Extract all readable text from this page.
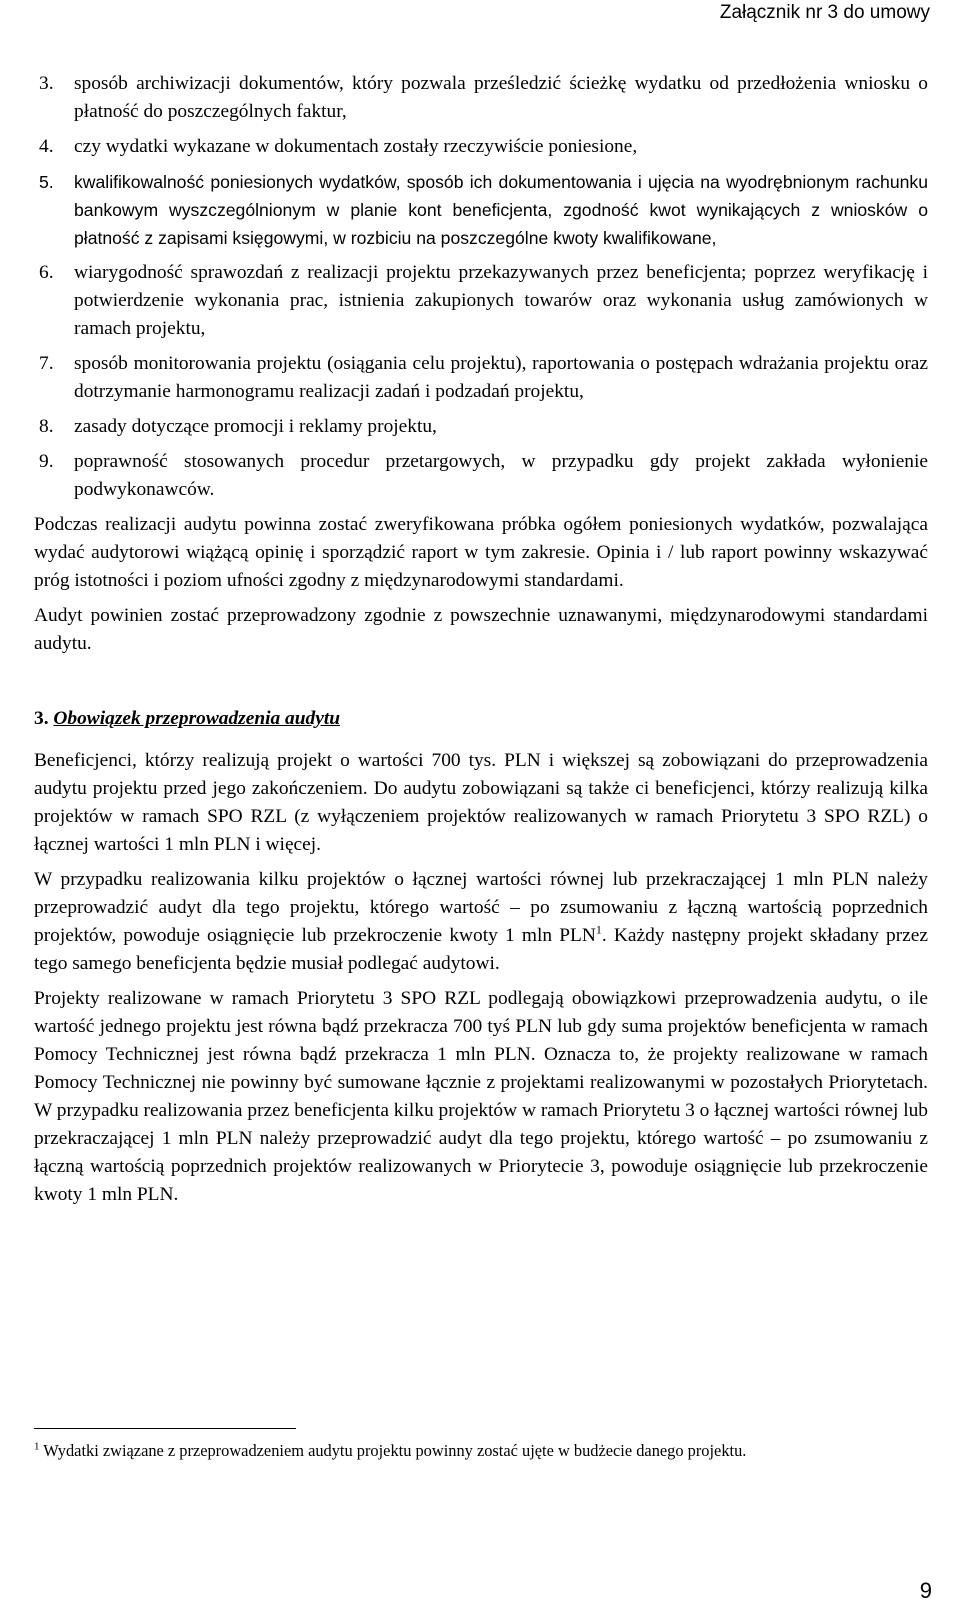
Załącznik nr 3 do umowy
3. sposób archiwizacji dokumentów, który pozwala prześledzić ścieżkę wydatku od przedłożenia wniosku o płatność do poszczególnych faktur,
4. czy wydatki wykazane w dokumentach zostały rzeczywiście poniesione,
5. kwalifikowalność poniesionych wydatków, sposób ich dokumentowania i ujęcia na wyodrębnionym rachunku bankowym wyszczególnionym w planie kont beneficjenta, zgodność kwot wynikających z wniosków o płatność z zapisami księgowymi, w rozbiciu na poszczególne kwoty kwalifikowane,
6. wiarygodność sprawozdań z realizacji projektu przekazywanych przez beneficjenta; poprzez weryfikację i potwierdzenie wykonania prac, istnienia zakupionych towarów oraz wykonania usług zamówionych w ramach projektu,
7. sposób monitorowania projektu (osiągania celu projektu), raportowania o postępach wdrażania projektu oraz dotrzymanie harmonogramu realizacji zadań i podzadań projektu,
8. zasady dotyczące promocji i reklamy projektu,
9. poprawność stosowanych procedur przetargowych, w przypadku gdy projekt zakłada wyłonienie podwykonawców.

Podczas realizacji audytu powinna zostać zweryfikowana próbka ogółem poniesionych wydatków, pozwalająca wydać audytorowi wiążącą opinię i sporządzić raport w tym zakresie. Opinia i / lub raport powinny wskazywać próg istotności i poziom ufności zgodny z międzynarodowymi standardami.

Audyt powinien zostać przeprowadzony zgodnie z powszechnie uznawanymi, międzynarodowymi standardami audytu.

3. Obowiązek przeprowadzenia audytu

Beneficjenci, którzy realizują projekt o wartości 700 tys. PLN i większej są zobowiązani do przeprowadzenia audytu projektu przed jego zakończeniem. Do audytu zobowiązani są także ci beneficjenci, którzy realizują kilka projektów w ramach SPO RZL (z wyłączeniem projektów realizowanych w ramach Priorytetu 3 SPO RZL) o łącznej wartości 1 mln PLN i więcej.

W przypadku realizowania kilku projektów o łącznej wartości równej lub przekraczającej 1 mln PLN należy przeprowadzić audyt dla tego projektu, którego wartość – po zsumowaniu z łączną wartością poprzednich projektów, powoduje osiągnięcie lub przekroczenie kwoty 1 mln PLN$^1$. Każdy następny projekt składany przez tego samego beneficjenta będzie musiał podlegać audytowi.

Projekty realizowane w ramach Priorytetu 3 SPO RZL podlegają obowiązkowi przeprowadzenia audytu, o ile wartość jednego projektu jest równa bądź przekracza 700 tyś PLN lub gdy suma projektów beneficjenta w ramach Pomocy Technicznej jest równa bądź przekracza 1 mln PLN. Oznacza to, że projekty realizowane w ramach Pomocy Technicznej nie powinny być sumowane łącznie z projektami realizowanymi w pozostałych Priorytetach. W przypadku realizowania przez beneficjenta kilku projektów w ramach Priorytetu 3 o łącznej wartości równej lub przekraczającej 1 mln PLN należy przeprowadzić audyt dla tego projektu, którego wartość – po zsumowaniu z łączną wartością poprzednich projektów realizowanych w Priorytecie 3, powoduje osiągnięcie lub przekroczenie kwoty 1 mln PLN.

$^1$ Wydatki związane z przeprowadzeniem audytu projektu powinny zostać ujęte w budżecie danego projektu.
9
